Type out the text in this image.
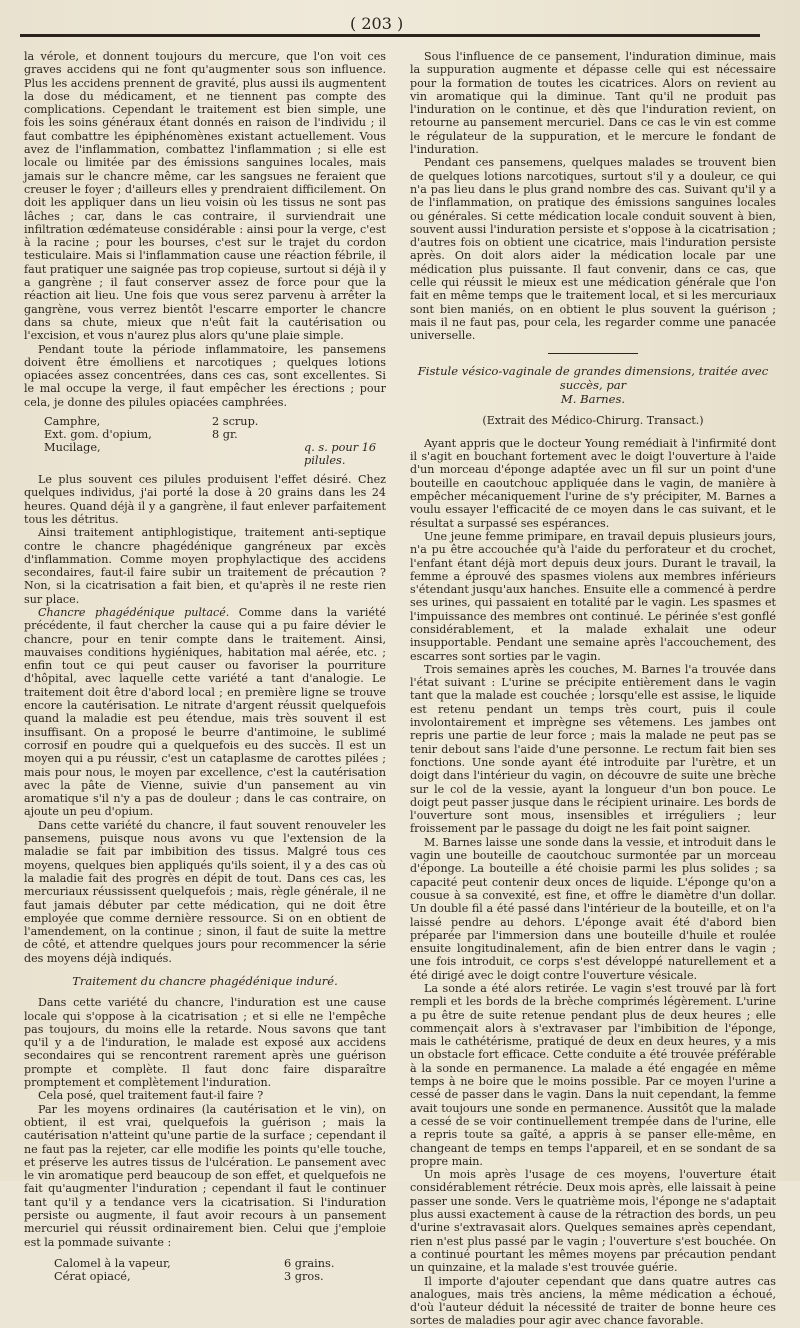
( 203 )

la vérole, et donnent toujours du mercure, que l'on voit ces graves accidens qui ne font qu'augmenter sous son influence. Plus les accidens prennent de gravité, plus aussi ils augmentent la dose du médicament, et ne tiennent pas compte des complications. Cependant le traitement est bien simple, une fois les soins généraux étant donnés en raison de l'individu ; il faut combattre les épiphénomènes existant actuellement. Vous avez de l'inflammation, combattez l'inflammation ; si elle est locale ou limitée par des émissions sanguines locales, mais jamais sur le chancre même, car les sangsues ne feraient que creuser le foyer ; d'ailleurs elles y prendraient difficilement. On doit les appliquer dans un lieu voisin où les tissus ne sont pas lâches ; car, dans le cas contraire, il surviendrait une infiltration œdémateuse considérable : ainsi pour la verge, c'est à la racine ; pour les bourses, c'est sur le trajet du cordon testiculaire. Mais si l'inflammation cause une réaction fébrile, il faut pratiquer une saignée pas trop copieuse, surtout si déjà il y a gangrène ; il faut conserver assez de force pour que la réaction ait lieu. Une fois que vous serez parvenu à arrêter la gangrène, vous verrez bientôt l'escarre emporter le chancre dans sa chute, mieux que n'eût fait la cautérisation ou l'excision, et vous n'aurez plus alors qu'une plaie simple.

Pendant toute la période inflammatoire, les pansemens doivent être émolliens et narcotiques ; quelques lotions opiacées assez concentrées, dans ces cas, sont excellentes. Si le mal occupe la verge, il faut empêcher les érections ; pour cela, je donne des pilules opiacées camphrées.

Camphre,	2 scrup.
Ext. gom. d'opium,	8 gr.
Mucilage,	q. s. pour 16 pilules.

Le plus souvent ces pilules produisent l'effet désiré. Chez quelques individus, j'ai porté la dose à 20 grains dans les 24 heures. Quand déjà il y a gangrène, il faut enlever parfaitement tous les détritus.

Ainsi traitement antiphlogistique, traitement anti-septique contre le chancre phagédénique gangréneux par excès d'inflammation. Comme moyen prophylactique des accidens secondaires, faut-il faire subir un traitement de précaution ? Non, si la cicatrisation a fait bien, et qu'après il ne reste rien sur place.

Chancre phagédénique pultacé. Comme dans la variété précédente, il faut chercher la cause qui a pu faire dévier le chancre, pour en tenir compte dans le traitement. Ainsi, mauvaises conditions hygiéniques, habitation mal aérée, etc. ; enfin tout ce qui peut causer ou favoriser la pourriture d'hôpital, avec laquelle cette variété a tant d'analogie. Le traitement doit être d'abord local ; en première ligne se trouve encore la cautérisation. Le nitrate d'argent réussit quelquefois quand la maladie est peu étendue, mais très souvent il est insuffisant. On a proposé le beurre d'antimoine, le sublimé corrosif en poudre qui a quelquefois eu des succès. Il est un moyen qui a pu réussir, c'est un cataplasme de carottes pilées ; mais pour nous, le moyen par excellence, c'est la cautérisation avec la pâte de Vienne, suivie d'un pansement au vin aromatique s'il n'y a pas de douleur ; dans le cas contraire, on ajoute un peu d'opium.

Dans cette variété du chancre, il faut souvent renouveler les pansemens, puisque nous avons vu que l'extension de la maladie se fait par imbibition des tissus. Malgré tous ces moyens, quelques bien appliqués qu'ils soient, il y a des cas où la maladie fait des progrès en dépit de tout. Dans ces cas, les mercuriaux réussissent quelquefois ; mais, règle générale, il ne faut jamais débuter par cette médication, qui ne doit être employée que comme dernière ressource. Si on en obtient de l'amendement, on la continue ; sinon, il faut de suite la mettre de côté, et attendre quelques jours pour recommencer la série des moyens déjà indiqués.

Traitement du chancre phagédénique induré.

Dans cette variété du chancre, l'induration est une cause locale qui s'oppose à la cicatrisation ; et si elle ne l'empêche pas toujours, du moins elle la retarde. Nous savons que tant qu'il y a de l'induration, le malade est exposé aux accidens secondaires qui se rencontrent rarement après une guérison prompte et complète. Il faut donc faire disparaître promptement et complètement l'induration.

Cela posé, quel traitement faut-il faire ?

Par les moyens ordinaires (la cautérisation et le vin), on obtient, il est vrai, quelquefois la guérison ; mais la cautérisation n'atteint qu'une partie de la surface ; cependant il ne faut pas la rejeter, car elle modifie les points qu'elle touche, et préserve les autres tissus de l'ulcération. Le pansement avec le vin aromatique perd beaucoup de son effet, et quelquefois ne fait qu'augmenter l'induration ; cependant il faut le continuer tant qu'il y a tendance vers la cicatrisation. Si l'induration persiste ou augmente, il faut avoir recours à un pansement mercuriel qui réussit ordinairement bien. Celui que j'emploie est la pommade suivante :

Calomel à la vapeur,	6 grains.
Cérat opiacé,	3 gros.

Sous l'influence de ce pansement, l'induration diminue, mais la suppuration augmente et dépasse celle qui est nécessaire pour la formation de toutes les cicatrices. Alors on revient au vin aromatique qui la diminue. Tant qu'il ne produit pas l'induration on le continue, et dès que l'induration revient, on retourne au pansement mercuriel. Dans ce cas le vin est comme le régulateur de la suppuration, et le mercure le fondant de l'induration.

Pendant ces pansemens, quelques malades se trouvent bien de quelques lotions narcotiques, surtout s'il y a douleur, ce qui n'a pas lieu dans le plus grand nombre des cas. Suivant qu'il y a de l'inflammation, on pratique des émissions sanguines locales ou générales. Si cette médication locale conduit souvent à bien, souvent aussi l'induration persiste et s'oppose à la cicatrisation ; d'autres fois on obtient une cicatrice, mais l'induration persiste après. On doit alors aider la médication locale par une médication plus puissante. Il faut convenir, dans ce cas, que celle qui réussit le mieux est une médication générale que l'on fait en même temps que le traitement local, et si les mercuriaux sont bien maniés, on en obtient le plus souvent la guérison ; mais il ne faut pas, pour cela, les regarder comme une panacée universelle.

Fistule vésico-vaginale de grandes dimensions, traitée avec succès, par
M. Barnes.
(Extrait des Médico-Chirurg. Transact.)

Ayant appris que le docteur Young remédiait à l'infirmité dont il s'agit en bouchant fortement avec le doigt l'ouverture à l'aide d'un morceau d'éponge adaptée avec un fil sur un point d'une bouteille en caoutchouc appliquée dans le vagin, de manière à empêcher mécaniquement l'urine de s'y précipiter, M. Barnes a voulu essayer l'efficacité de ce moyen dans le cas suivant, et le résultat a surpassé ses espérances.

Une jeune femme primipare, en travail depuis plusieurs jours, n'a pu être accouchée qu'à l'aide du perforateur et du crochet, l'enfant étant déjà mort depuis deux jours. Durant le travail, la femme a éprouvé des spasmes violens aux membres inférieurs s'étendant jusqu'aux hanches. Ensuite elle a commencé à perdre ses urines, qui passaient en totalité par le vagin. Les spasmes et l'impuissance des membres ont continué. Le périnée s'est gonflé considérablement, et la malade exhalait une odeur insupportable. Pendant une semaine après l'accouchement, des escarres sont sorties par le vagin.

Trois semaines après les couches, M. Barnes l'a trouvée dans l'état suivant : L'urine se précipite entièrement dans le vagin tant que la malade est couchée ; lorsqu'elle est assise, le liquide est retenu pendant un temps très court, puis il coule involontairement et imprègne ses vêtemens. Les jambes ont repris une partie de leur force ; mais la malade ne peut pas se tenir debout sans l'aide d'une personne. Le rectum fait bien ses fonctions. Une sonde ayant été introduite par l'urètre, et un doigt dans l'intérieur du vagin, on découvre de suite une brèche sur le col de la vessie, ayant la longueur d'un bon pouce. Le doigt peut passer jusque dans le récipient urinaire. Les bords de l'ouverture sont mous, insensibles et irréguliers ; leur froissement par le passage du doigt ne les fait point saigner.

M. Barnes laisse une sonde dans la vessie, et introduit dans le vagin une bouteille de caoutchouc surmontée par un morceau d'éponge. La bouteille a été choisie parmi les plus solides ; sa capacité peut contenir deux onces de liquide. L'éponge qu'on a cousue à sa convexité, est fine, et offre le diamètre d'un dollar. Un double fil a été passé dans l'intérieur de la bouteille, et on l'a laissé pendre au dehors. L'éponge avait été d'abord bien préparée par l'immersion dans une bouteille d'huile et roulée ensuite longitudinalement, afin de bien entrer dans le vagin ; une fois introduit, ce corps s'est développé naturellement et a été dirigé avec le doigt contre l'ouverture vésicale.

La sonde a été alors retirée. Le vagin s'est trouvé par là fort rempli et les bords de la brèche comprimés légèrement. L'urine a pu être de suite retenue pendant plus de deux heures ; elle commençait alors à s'extravaser par l'imbibition de l'éponge, mais le cathétérisme, pratiqué de deux en deux heures, y a mis un obstacle fort efficace. Cette conduite a été trouvée préférable à la sonde en permanence. La malade a été engagée en même temps à ne boire que le moins possible. Par ce moyen l'urine a cessé de passer dans le vagin. Dans la nuit cependant, la femme avait toujours une sonde en permanence. Aussitôt que la malade a cessé de se voir continuellement trempée dans de l'urine, elle a repris toute sa gaîté, a appris à se panser elle-même, en changeant de temps en temps l'appareil, et en se sondant de sa propre main.

Un mois après l'usage de ces moyens, l'ouverture était considérablement rétrécie. Deux mois après, elle laissait à peine passer une sonde. Vers le quatrième mois, l'éponge ne s'adaptait plus aussi exactement à cause de la rétraction des bords, un peu d'urine s'extravasait alors. Quelques semaines après cependant, rien n'est plus passé par le vagin ; l'ouverture s'est bouchée. On a continué pourtant les mêmes moyens par précaution pendant un quinzaine, et la malade s'est trouvée guérie.

Il importe d'ajouter cependant que dans quatre autres cas analogues, mais très anciens, la même médication a échoué, d'où l'auteur déduit la nécessité de traiter de bonne heure ces sortes de maladies pour agir avec chance favorable.
